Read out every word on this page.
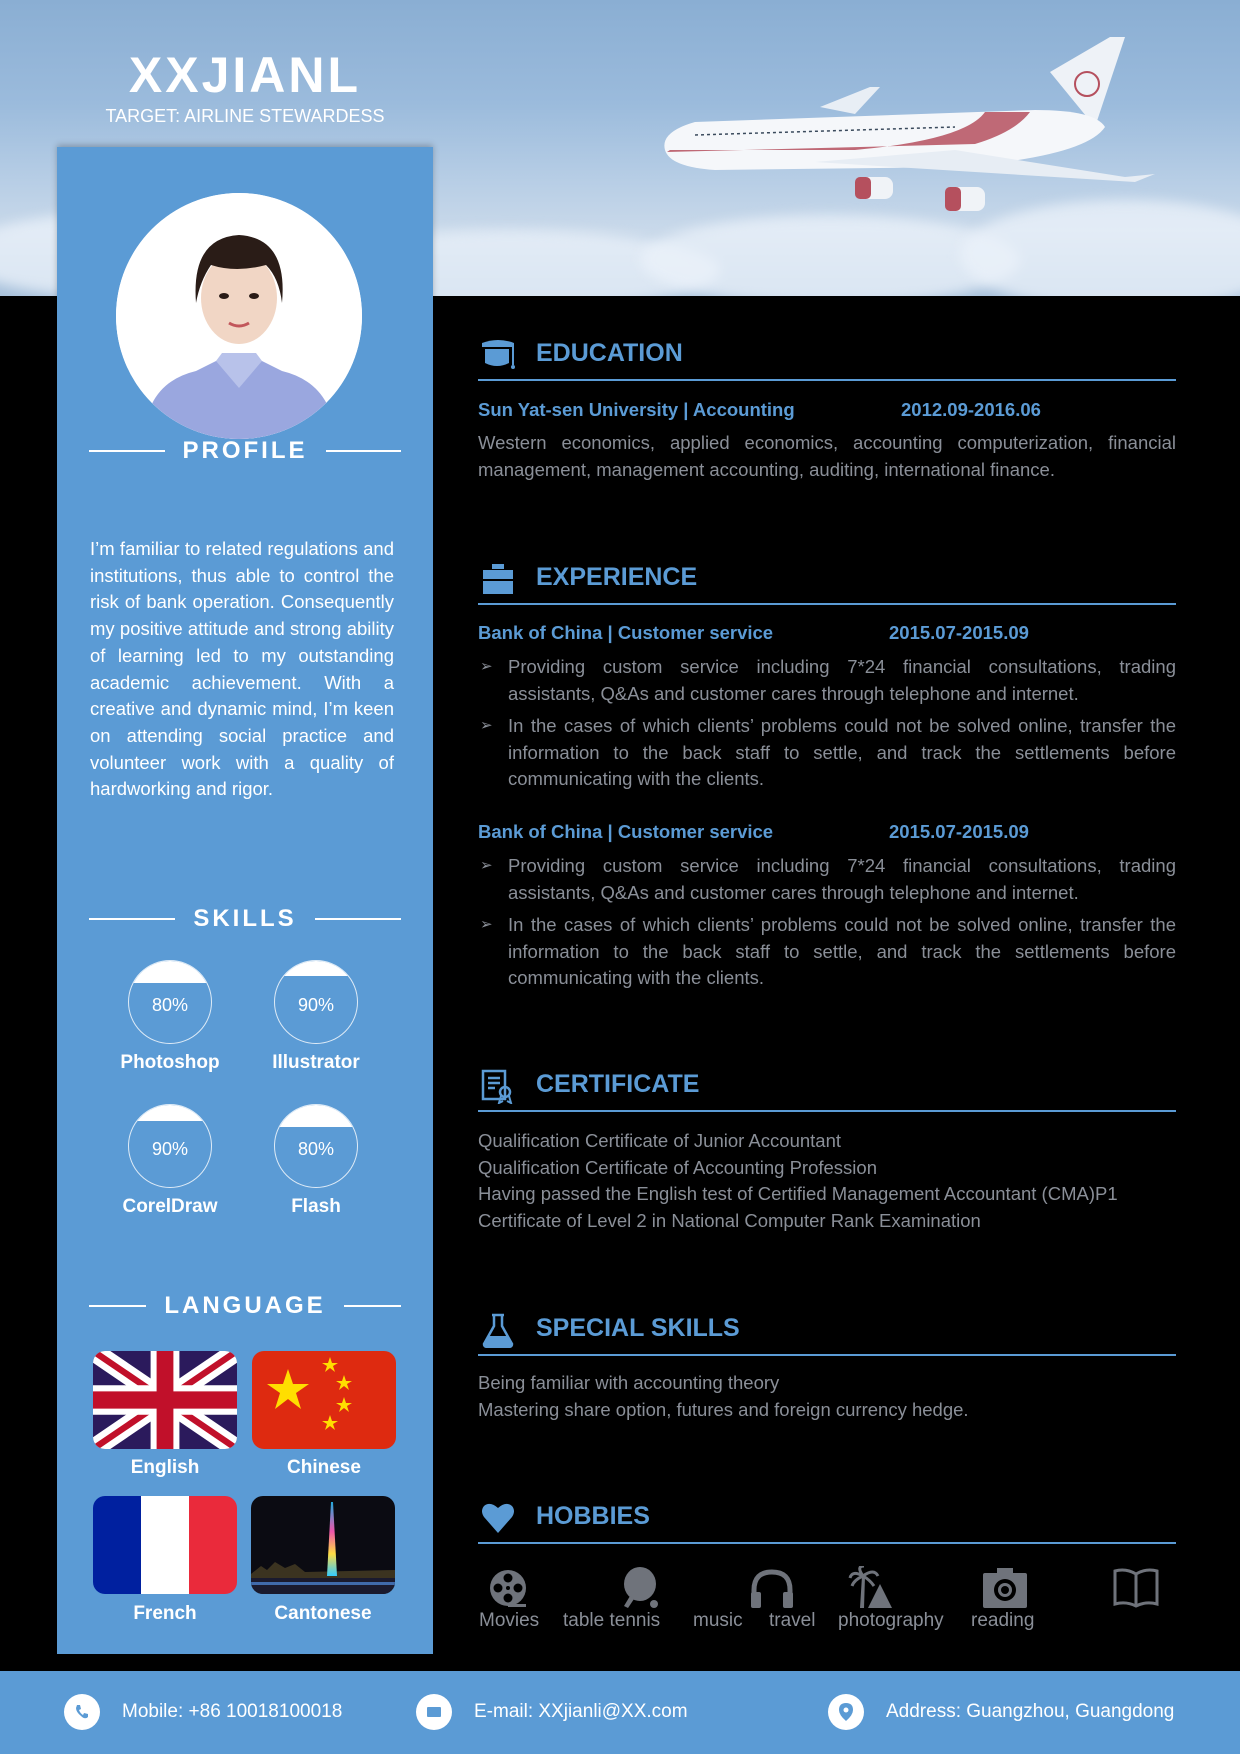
XXJIANL
TARGET: AIRLINE STEWARDESS
PROFILE
I’m familiar to related regulations and institutions, thus able to control the risk of bank operation. Consequently my positive attitude and strong ability of learning led to my outstanding academic achievement. With a creative and dynamic mind, I’m keen on attending social practice and volunteer work with a quality of hardworking and rigor.
SKILLS
80%
Photoshop
90%
Illustrator
90%
CorelDraw
80%
Flash
LANGUAGE
English	Chinese
French	Cantonese
EDUCATION
Sun Yat-sen University | Accounting	2012.09-2016.06
Western economics, applied economics, accounting computerization, financial management, management accounting, auditing, international finance.
EXPERIENCE
Bank of China | Customer service	2015.07-2015.09
➢ Providing custom service including 7*24 financial consultations, trading assistants, Q&As and customer cares through telephone and internet.
➢ In the cases of which clients’ problems could not be solved online, transfer the information to the back staff to settle, and track the settlements before communicating with the clients.
Bank of China | Customer service	2015.07-2015.09
➢ Providing custom service including 7*24 financial consultations, trading assistants, Q&As and customer cares through telephone and internet.
➢ In the cases of which clients’ problems could not be solved online, transfer the information to the back staff to settle, and track the settlements before communicating with the clients.
CERTIFICATE
Qualification Certificate of Junior Accountant
Qualification Certificate of Accounting Profession
Having passed the English test of Certified Management Accountant (CMA)P1
Certificate of Level 2 in National Computer Rank Examination
SPECIAL SKILLS
Being familiar with accounting theory
Mastering share option, futures and foreign currency hedge.
HOBBIES
Movies table tennis music travel photography reading
Mobile: +86 10018100018	E-mail: XXjianli@XX.com	Address: Guangzhou, Guangdong
